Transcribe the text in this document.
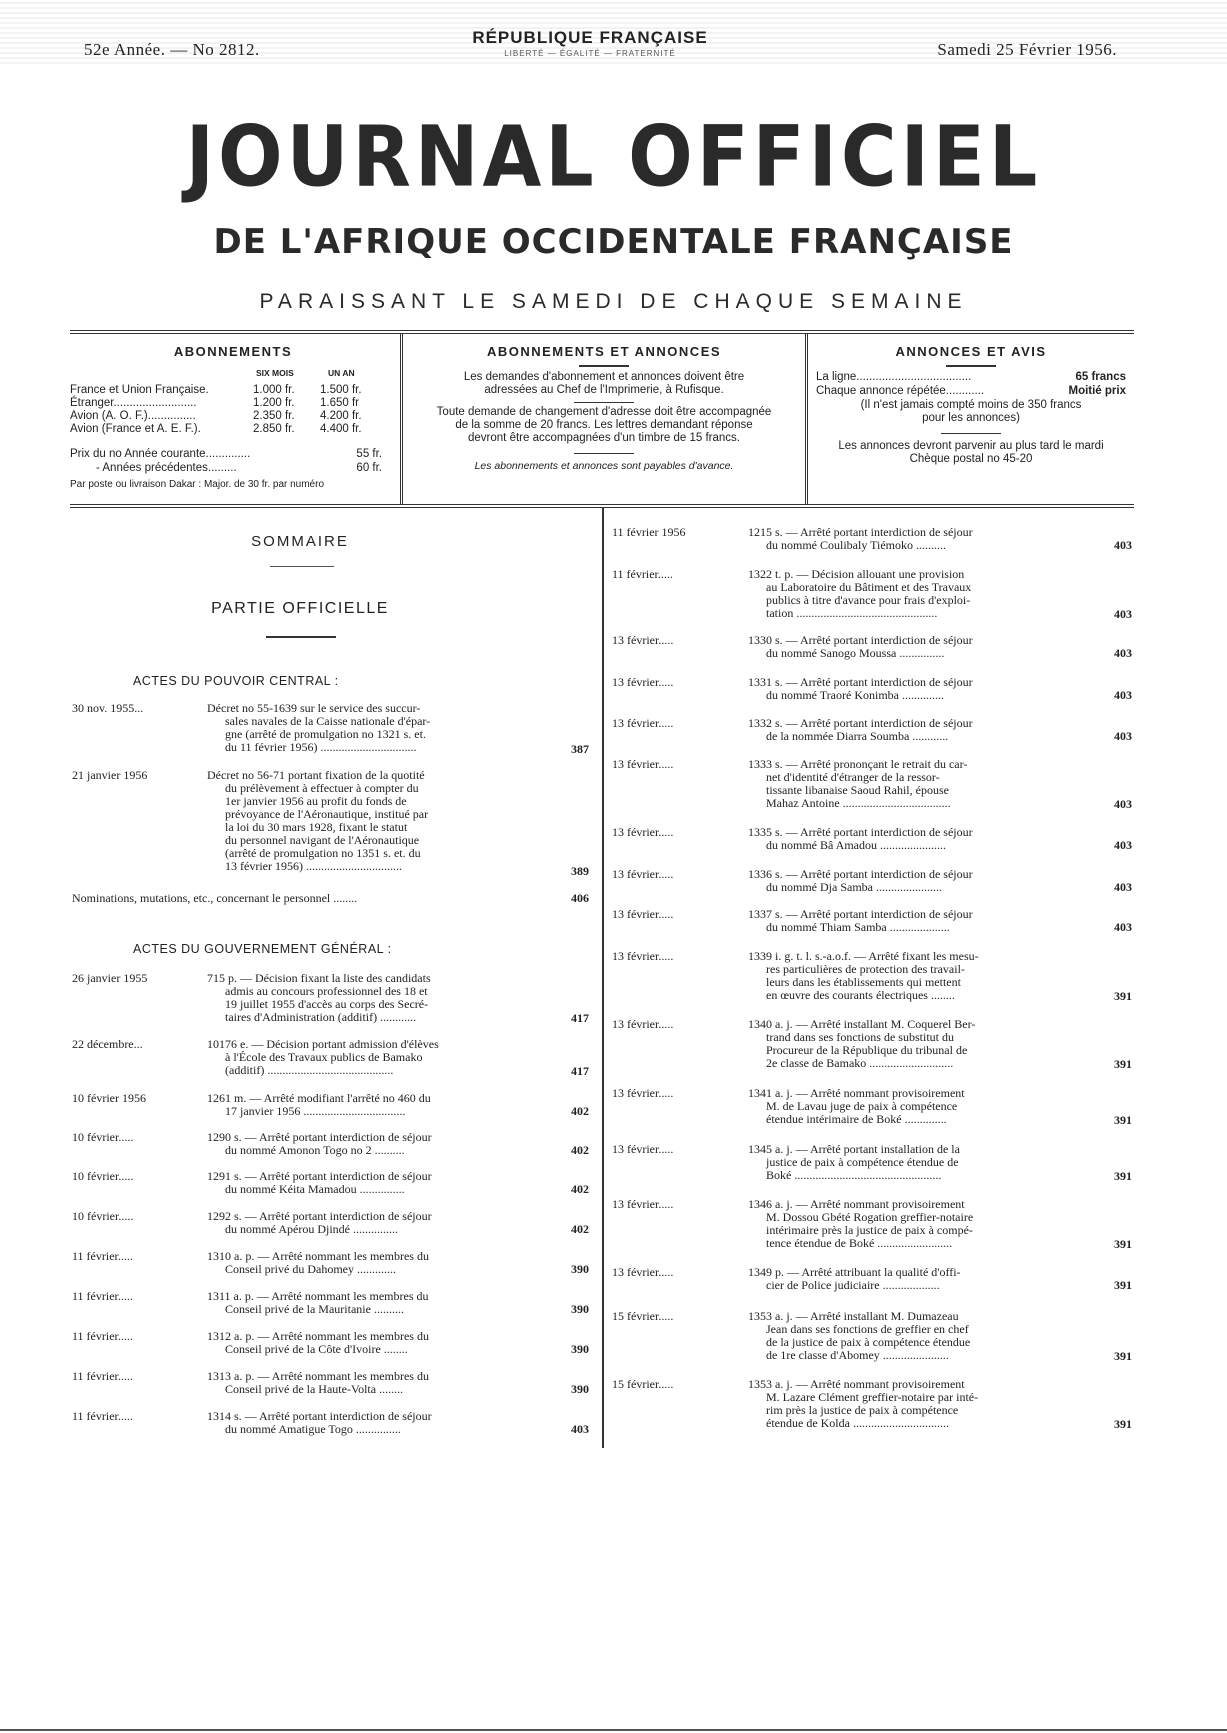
52e Année. — No 2812.
RÉPUBLIQUE FRANÇAISE
LIBERTÉ — ÉGALITÉ — FRATERNITÉ	Samedi 25 Février 1956.
JOURNAL OFFICIEL
DE L'AFRIQUE OCCIDENTALE FRANÇAISE
PARAISSANT LE SAMEDI DE CHAQUE SEMAINE
ABONNEMENTS
SIX MOIS	UN AN
France et Union Française.	1.000 fr. 1.500 fr.
Étranger..........................	1.200 fr. 1.650 fr
Avion (A. O. F.)...............	2.350 fr. 4.200 fr.
Avion (France et A. E. F.).	2.850 fr. 4.400 fr.
Prix du no Année courante..............	55 fr.
- Années précédentes.........	60 fr.
Par poste ou livraison Dakar : Major. de 30 fr. par numéro
ABONNEMENTS ET ANNONCES

Les demandes d'abonnement et annonces doivent être

adressées au Chef de l'Imprimerie, à Rufisque.

Toute demande de changement d'adresse doit être accompagnée

de la somme de 20 francs. Les lettres demandant réponse

devront être accompagnées d'un timbre de 15 francs.

Les abonnements et annonces sont payables d'avance.

ANNONCES ET AVIS
La ligne....................................	65 francs
Chaque annonce répétée............	Moitié prix

(Il n'est jamais compté moins de 350 francs

pour les annonces)

Les annonces devront parvenir au plus tard le mardi

Chèque postal no 45-20

SOMMAIRE
PARTIE OFFICIELLE
ACTES DU POUVOIR CENTRAL :
ACTES DU GOUVERNEMENT GÉNÉRAL :
30 nov. 1955...	Décret no 55-1639 sur le service des succur-
sales navales de la Caisse nationale d'épar-
gne (arrêté de promulgation no 1321 s. et.
du 11 février 1956) ................................	387
21 janvier 1956	Décret no 56-71 portant fixation de la quotité
du prélèvement à effectuer à compter du
1er janvier 1956 au profit du fonds de
prévoyance de l'Aéronautique, institué par
la loi du 30 mars 1928, fixant le statut
du personnel navigant de l'Aéronautique
(arrêté de promulgation no 1351 s. et. du
13 février 1956) ................................	389
Nominations, mutations, etc., concernant le personnel ........	406
26 janvier 1955	715 p. — Décision fixant la liste des candidats
admis au concours professionnel des 18 et
19 juillet 1955 d'accès au corps des Secré-
taires d'Administration (additif) ............	417
22 décembre...	10176 e. — Décision portant admission d'élèves
à l'École des Travaux publics de Bamako
(additif) ..........................................	417
10 février 1956	1261 m. — Arrêté modifiant l'arrêté no 460 du
17 janvier 1956 ..................................	402
10 février.....	1290 s. — Arrêté portant interdiction de séjour
du nommé Amonon Togo no 2 ..........	402
10 février.....	1291 s. — Arrêté portant interdiction de séjour
du nommé Kéita Mamadou ...............	402
10 février.....	1292 s. — Arrêté portant interdiction de séjour
du nommé Apérou Djindé ...............	402
11 février.....	1310 a. p. — Arrêté nommant les membres du
Conseil privé du Dahomey .............	390
11 février.....	1311 a. p. — Arrêté nommant les membres du
Conseil privé de la Mauritanie ..........	390
11 février.....	1312 a. p. — Arrêté nommant les membres du
Conseil privé de la Côte d'Ivoire ........	390
11 février.....	1313 a. p. — Arrêté nommant les membres du
Conseil privé de la Haute-Volta ........	390
11 février.....	1314 s. — Arrêté portant interdiction de séjour
du nommé Amatigue Togo ...............	403
11 février 1956	1215 s. — Arrêté portant interdiction de séjour
du nommé Coulibaly Tiémoko ..........	403
11 février.....	1322 t. p. — Décision allouant une provision
au Laboratoire du Bâtiment et des Travaux
publics à titre d'avance pour frais d'exploi-
tation ...............................................	403
13 février.....	1330 s. — Arrêté portant interdiction de séjour
du nommé Sanogo Moussa ...............	403
13 février.....	1331 s. — Arrêté portant interdiction de séjour
du nommé Traoré Konimba ..............	403
13 février.....	1332 s. — Arrêté portant interdiction de séjour
de la nommée Diarra Soumba ............	403
13 février.....	1333 s. — Arrêté prononçant le retrait du car-
net d'identité d'étranger de la ressor-
tissante libanaise Saoud Rahil, épouse
Mahaz Antoine ....................................	403
13 février.....	1335 s. — Arrêté portant interdiction de séjour
du nommé Bâ Amadou ......................	403
13 février.....	1336 s. — Arrêté portant interdiction de séjour
du nommé Dja Samba ......................	403
13 février.....	1337 s. — Arrêté portant interdiction de séjour
du nommé Thiam Samba ....................	403
13 février.....	1339 i. g. t. l. s.-a.o.f. — Arrêté fixant les mesu-
res particulières de protection des travail-
leurs dans les établissements qui mettent
en œuvre des courants électriques ........	391
13 février.....	1340 a. j. — Arrêté installant M. Coquerel Ber-
trand dans ses fonctions de substitut du
Procureur de la République du tribunal de
2e classe de Bamako ............................	391
13 février.....	1341 a. j. — Arrêté nommant provisoirement
M. de Lavau juge de paix à compétence
étendue intérimaire de Boké ..............	391
13 février.....	1345 a. j. — Arrêté portant installation de la
justice de paix à compétence étendue de
Boké .................................................	391
13 février.....	1346 a. j. — Arrêté nommant provisoirement
M. Dossou Gbété Rogation greffier-notaire
intérimaire près la justice de paix à compé-
tence étendue de Boké .........................	391
13 février.....	1349 p. — Arrêté attribuant la qualité d'offi-
cier de Police judiciaire ...................	391
15 février.....	1353 a. j. — Arrêté installant M. Dumazeau
Jean dans ses fonctions de greffier en chef
de la justice de paix à compétence étendue
de 1re classe d'Abomey ......................	391
15 février.....	1353 a. j. — Arrêté nommant provisoirement
M. Lazare Clément greffier-notaire par inté-
rim près la justice de paix à compétence
étendue de Kolda ................................	391
